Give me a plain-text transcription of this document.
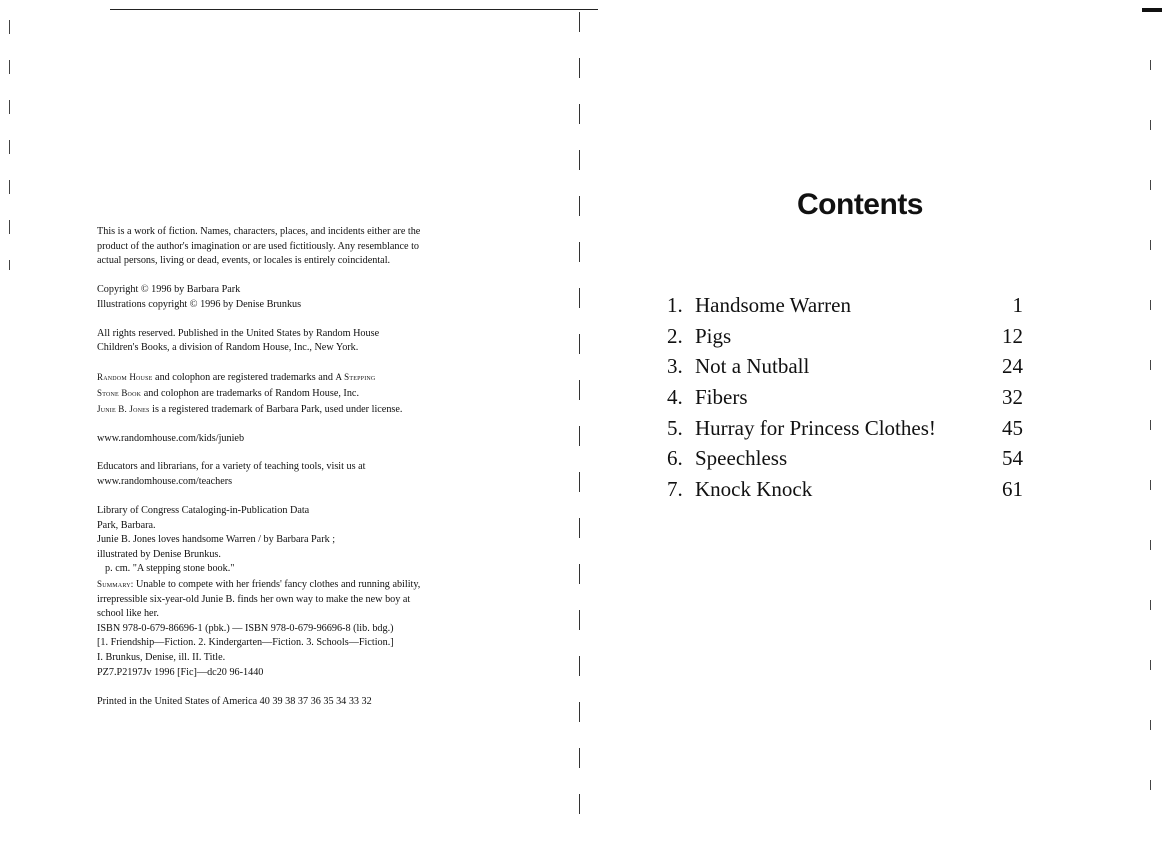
This is a work of fiction. Names, characters, places, and incidents either are the
product of the author's imagination or are used fictitiously. Any resemblance to
actual persons, living or dead, events, or locales is entirely coincidental.

Copyright © 1996 by Barbara Park
Illustrations copyright © 1996 by Denise Brunkus

All rights reserved. Published in the United States by Random House
Children's Books, a division of Random House, Inc., New York.

Random House and colophon are registered trademarks and A Stepping
Stone Book and colophon are trademarks of Random House, Inc.
Junie B. Jones is a registered trademark of Barbara Park, used under license.

www.randomhouse.com/kids/junieb

Educators and librarians, for a variety of teaching tools, visit us at
www.randomhouse.com/teachers

Library of Congress Cataloging-in-Publication Data
Park, Barbara.
Junie B. Jones loves handsome Warren / by Barbara Park ;
illustrated by Denise Brunkus.
p. cm. "A stepping stone book."
Summary: Unable to compete with her friends' fancy clothes and running ability,
irrepressible six-year-old Junie B. finds her own way to make the new boy at
school like her.
ISBN 978-0-679-86696-1 (pbk.) — ISBN 978-0-679-96696-8 (lib. bdg.)
[1. Friendship—Fiction. 2. Kindergarten—Fiction. 3. Schools—Fiction.]
I. Brunkus, Denise, ill. II. Title.
PZ7.P2197Jv 1996 [Fic]—dc20 96-1440

Printed in the United States of America 40 39 38 37 36 35 34 33 32

Contents
1. Handsome Warren	1
2. Pigs	12
3. Not a Nutball	24
4. Fibers	32
5. Hurray for Princess Clothes!	45
6. Speechless	54
7. Knock Knock	61
